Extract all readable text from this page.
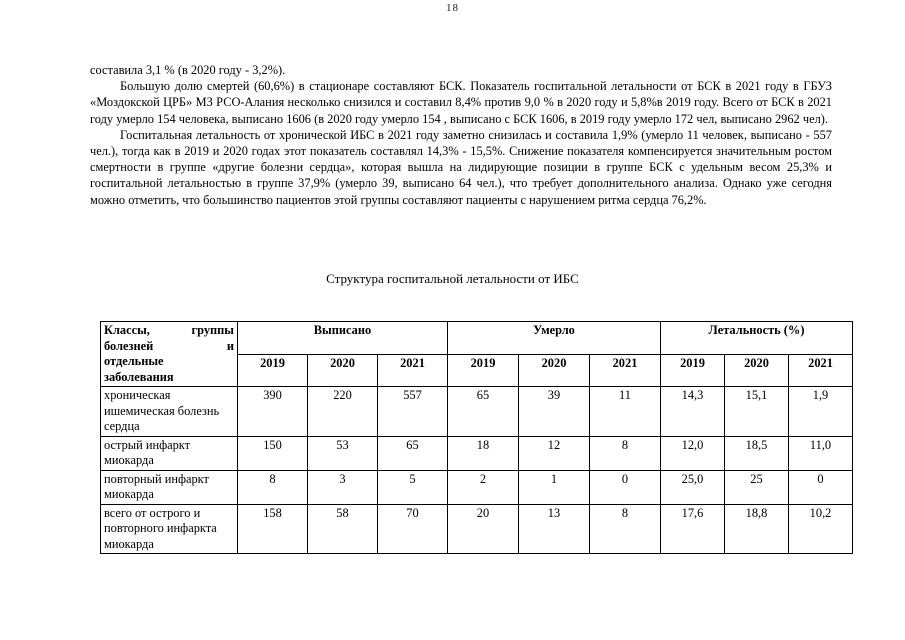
18

составила 3,1 % (в 2020 году - 3,2%).

Большую долю смертей (60,6%) в стационаре составляют БСК. Показатель госпитальной летальности от БСК в 2021 году в ГБУЗ «Моздокской ЦРБ» МЗ РСО-Алания несколько снизился и составил 8,4% против 9,0 % в 2020 году и 5,8%в 2019 году. Всего от БСК в 2021 году умерло 154 человека, выписано 1606 (в 2020 году умерло 154 , выписано с БСК 1606, в 2019 году умерло 172 чел, выписано 2962 чел).

Госпитальная летальность от хронической ИБС в 2021 году заметно снизилась и составила 1,9% (умерло 11 человек, выписано - 557 чел.), тогда как в 2019 и 2020 годах этот показатель составлял 14,3% - 15,5%. Снижение показателя компенсируется значительным ростом смертности в группе «другие болезни сердца», которая вышла на лидирующие позиции в группе БСК с удельным весом 25,3% и госпитальной летальностью в группе 37,9% (умерло 39, выписано 64 чел.), что требует дополнительного анализа. Однако уже сегодня можно отметить, что большинство пациентов этой группы составляют пациенты с нарушением ритма сердца 76,2%.

Структура госпитальной летальности от ИБС
Классы, группы
болезней и
отдельные
заболевания	Выписано			Умерло			Летальность (%)		
	2019	2020	2021	2019	2020	2021	2019	2020	2021
хроническая ишемическая болезнь сердца	390	220	557	65	39	11	14,3	15,1	1,9
острый инфаркт миокарда	150	53	65	18	12	8	12,0	18,5	11,0
повторный инфаркт миокарда	8	3	5	2	1	0	25,0	25	0
всего от острого и повторного инфаркта миокарда	158	58	70	20	13	8	17,6	18,8	10,2
